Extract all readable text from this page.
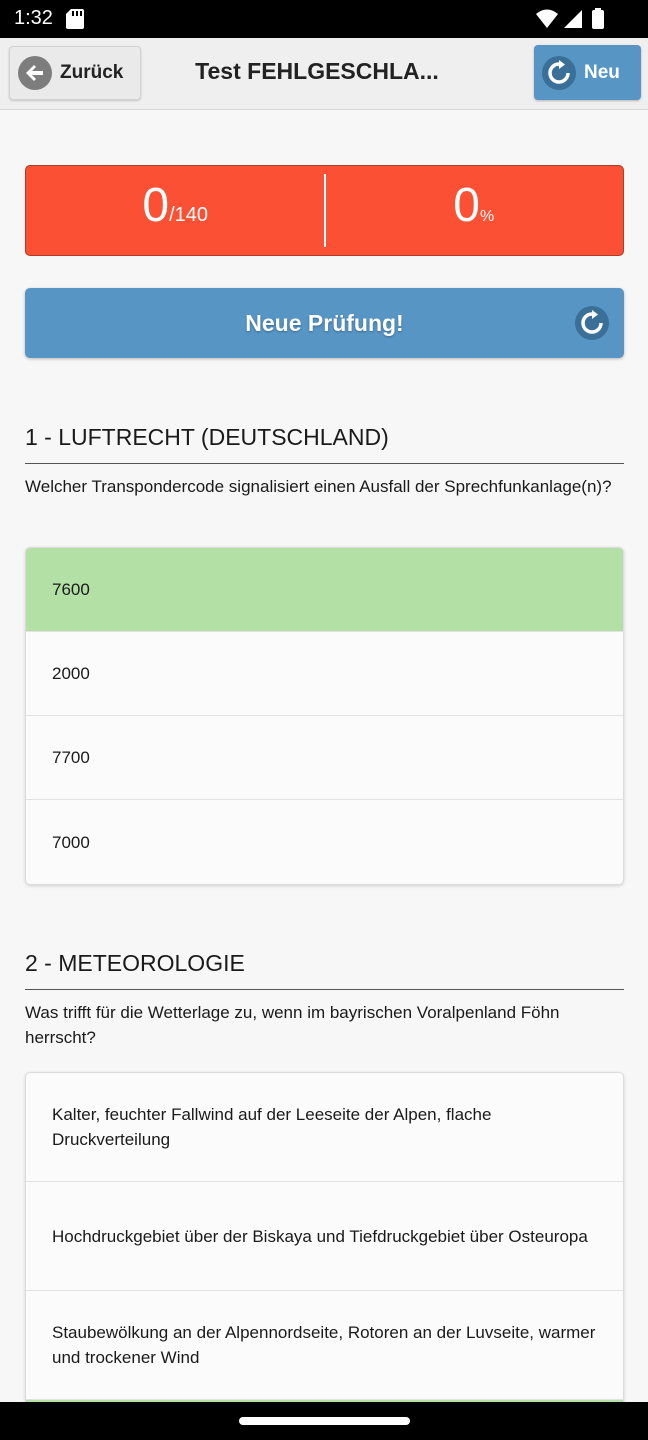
1:32
Zurück	Test FEHLGESCHLA...	Neu
0 /140	0 %
Neue Prüfung!
1 - LUFTRECHT (DEUTSCHLAND)

Welcher Transpondercode signalisiert einen Ausfall der Sprechfunkanlage(n)?

7600
2000
7700
7000
2 - METEOROLOGIE

Was trifft für die Wetterlage zu, wenn im bayrischen Voralpenland Föhn herrscht?

Kalter, feuchter Fallwind auf der Leeseite der Alpen, flache Druckverteilung
Hochdruckgebiet über der Biskaya und Tiefdruckgebiet über Osteuropa
Staubewölkung an der Alpennordseite, Rotoren an der Luvseite, warmer und trockener Wind
